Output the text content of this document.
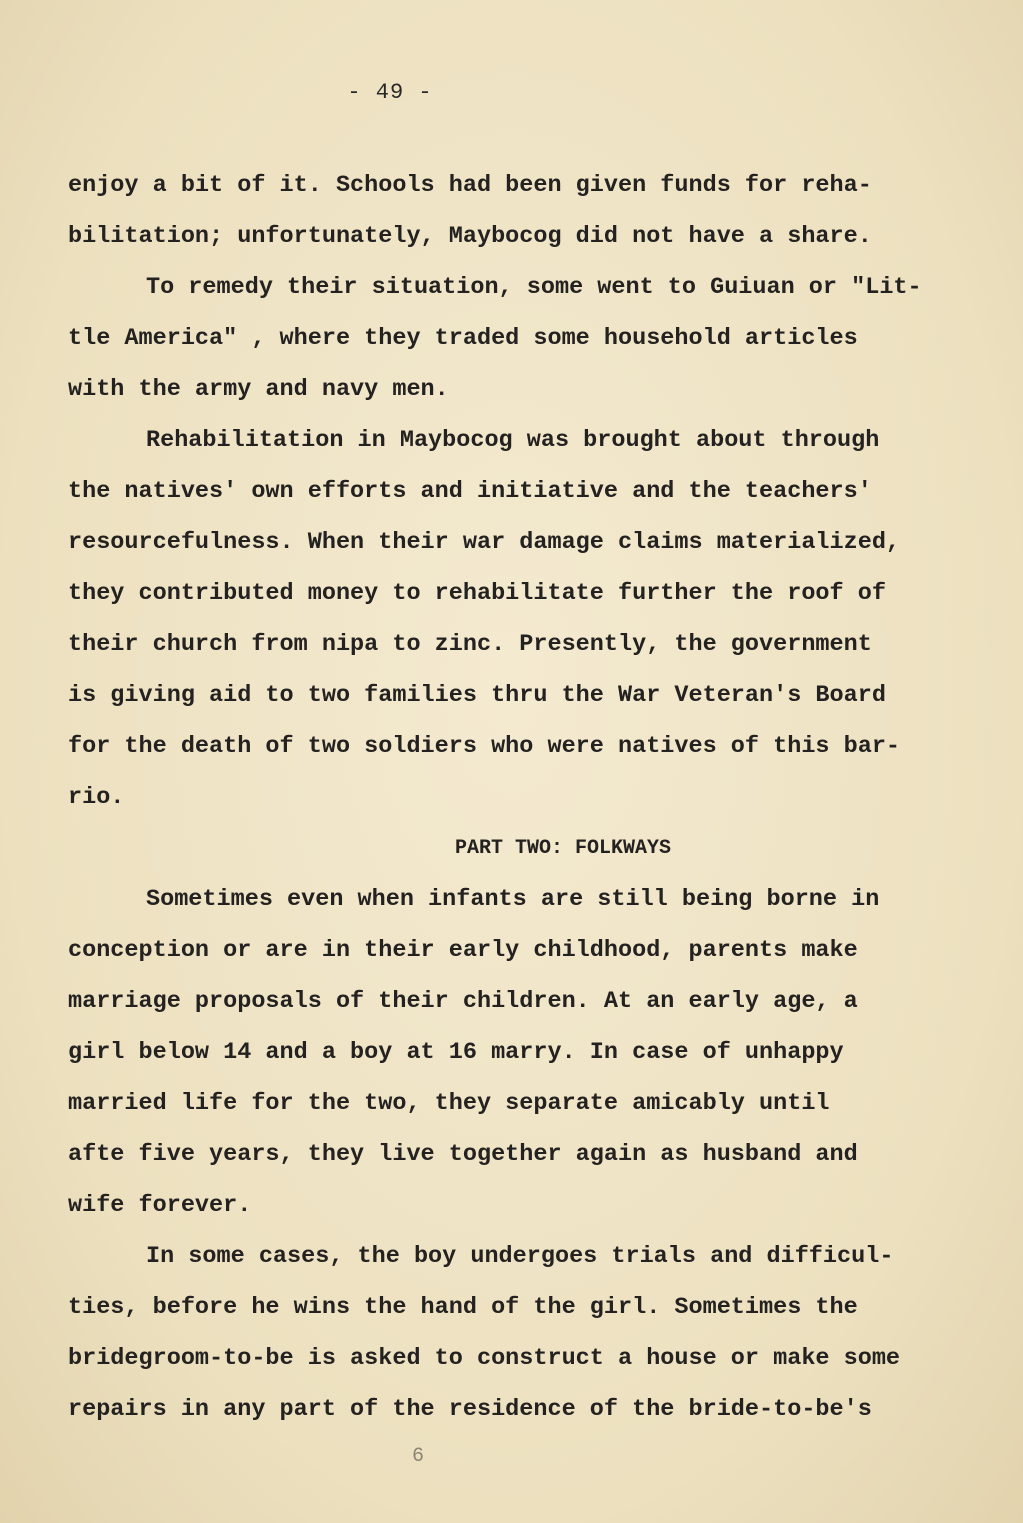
- 49 -
enjoy a bit of it. Schools had been given funds for reha-
bilitation; unfortunately, Maybocog did not have a share.
To remedy their situation, some went to Guiuan or "Lit-
tle America" , where they traded some household articles
with the army and navy men.
Rehabilitation in Maybocog was brought about through
the natives' own efforts and initiative and the teachers'
resourcefulness. When their war damage claims materialized,
they contributed money to rehabilitate further the roof of
their church from nipa to zinc. Presently, the government
is giving aid to two families thru the War Veteran's Board
for the death of two soldiers who were natives of this bar-
rio.
PART TWO: FOLKWAYS
Sometimes even when infants are still being borne in
conception or are in their early childhood, parents make
marriage proposals of their children. At an early age, a
girl below 14 and a boy at 16 marry. In case of unhappy
married life for the two, they separate amicably until
afte five years, they live together again as husband and
wife forever.
In some cases, the boy undergoes trials and difficul-
ties, before he wins the hand of the girl. Sometimes the
bridegroom-to-be is asked to construct a house or make some
repairs in any part of the residence of the bride-to-be's
6
